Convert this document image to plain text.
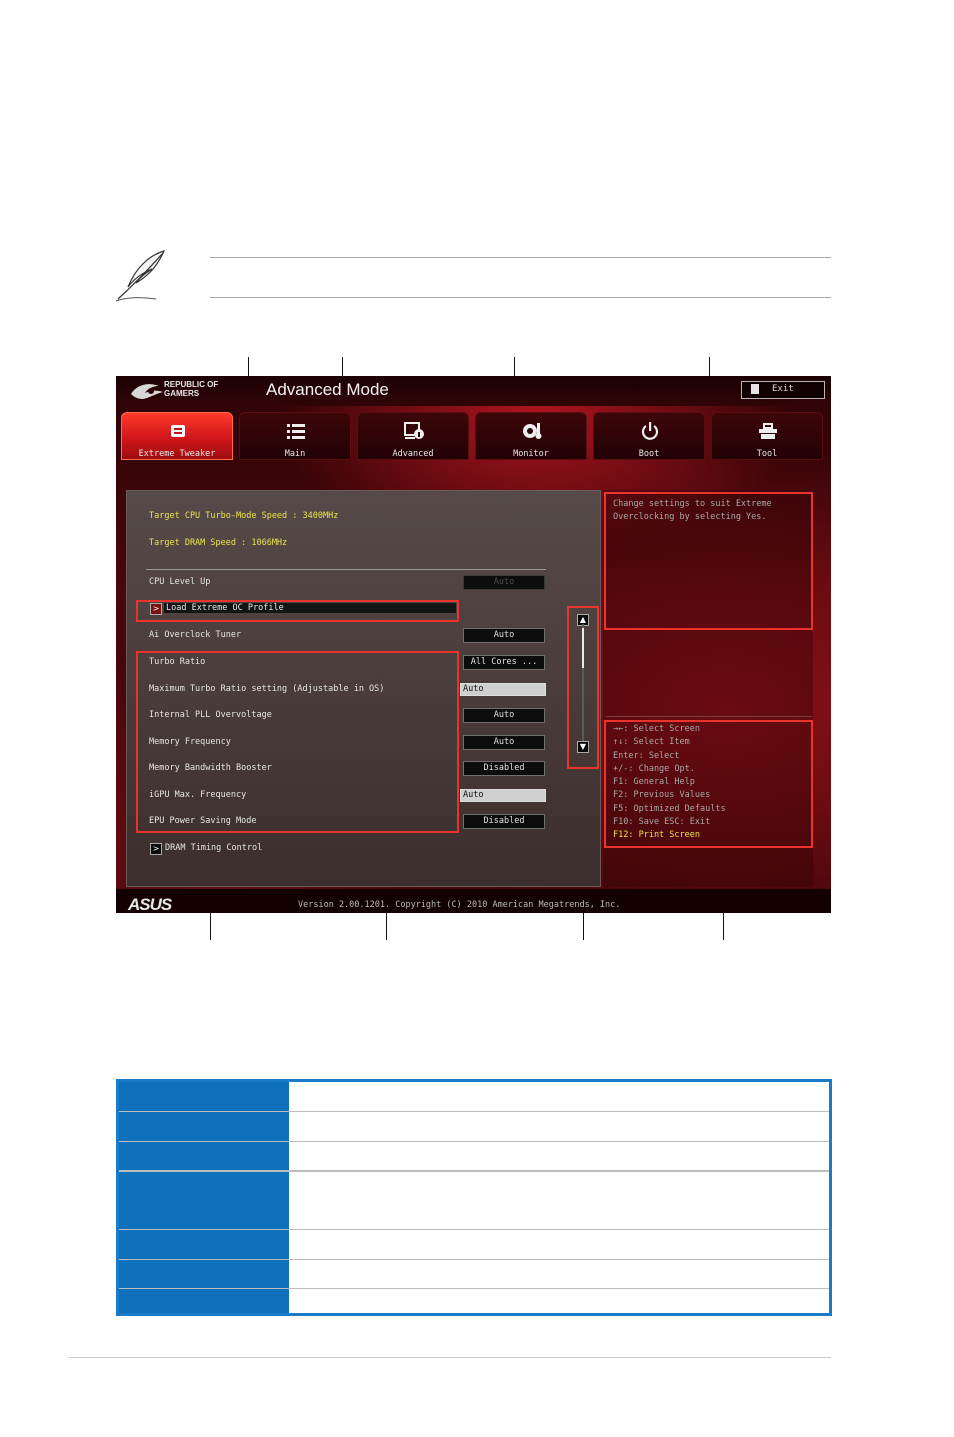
REPUBLIC OF
GAMERS	Advanced Mode	Exit
Extreme Tweaker	Main	Advanced	Monitor	Boot	Tool
Target CPU Turbo-Mode Speed : 3400MHz
Target DRAM Speed : 1066MHz
CPU Level Up	Auto
> Load Extreme OC Profile
Ai Overclock Tuner	Auto
Turbo Ratio	All Cores ...
Maximum Turbo Ratio setting (Adjustable in OS)	Auto
Internal PLL Overvoltage	Auto
Memory Frequency	Auto
Memory Bandwidth Booster	Disabled
iGPU Max. Frequency	Auto
EPU Power Saving Mode	Disabled
> DRAM Timing Control
▲
▼
Change settings to suit Extreme
Overclocking by selecting Yes.
→←: Select Screen
↑↓: Select Item
Enter: Select
+/-: Change Opt.
F1: General Help
F2: Previous Values
F5: Optimized Defaults
F10: Save ESC: Exit
F12: Print Screen
ASUS	Version 2.00.1201. Copyright (C) 2010 American Megatrends, Inc.
